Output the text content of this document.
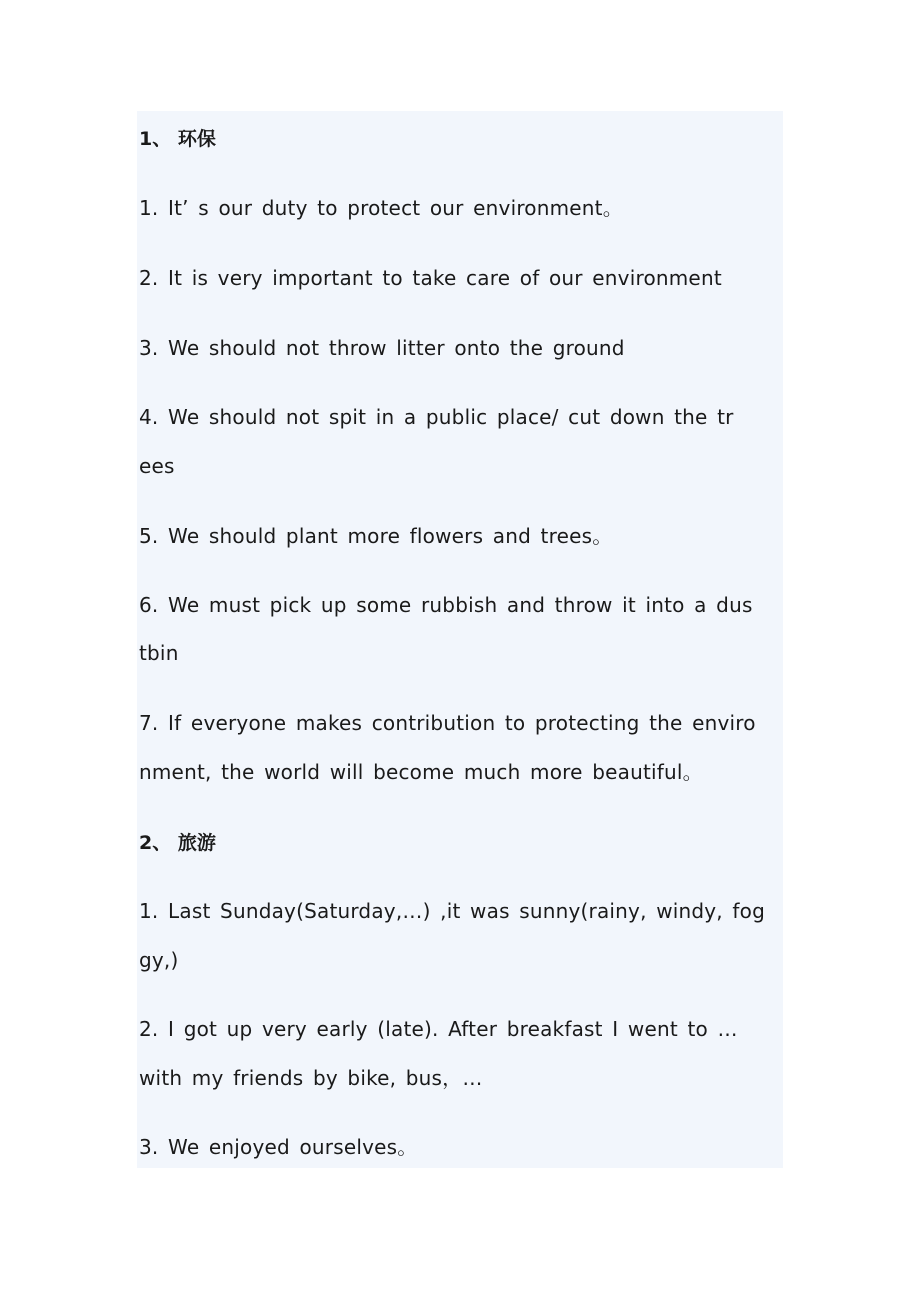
1、 环保
1. It’ s our duty to protect our environment。
2. It is very important to take care of our environment
3. We should not throw litter onto the ground
4. We should not spit in a public place/ cut down the tr
ees
5. We should plant more flowers and trees。
6. We must pick up some rubbish and throw it into a dus
tbin
7. If everyone makes contribution to protecting the enviro
nment, the world will become much more beautiful。
2、 旅游
1. Last Sunday(Saturday,…) ,it was sunny(rainy, windy, fog
gy,)
2. I got up very early (late). After breakfast I went to …
with my friends by bike, bus，…
3. We enjoyed ourselves。
